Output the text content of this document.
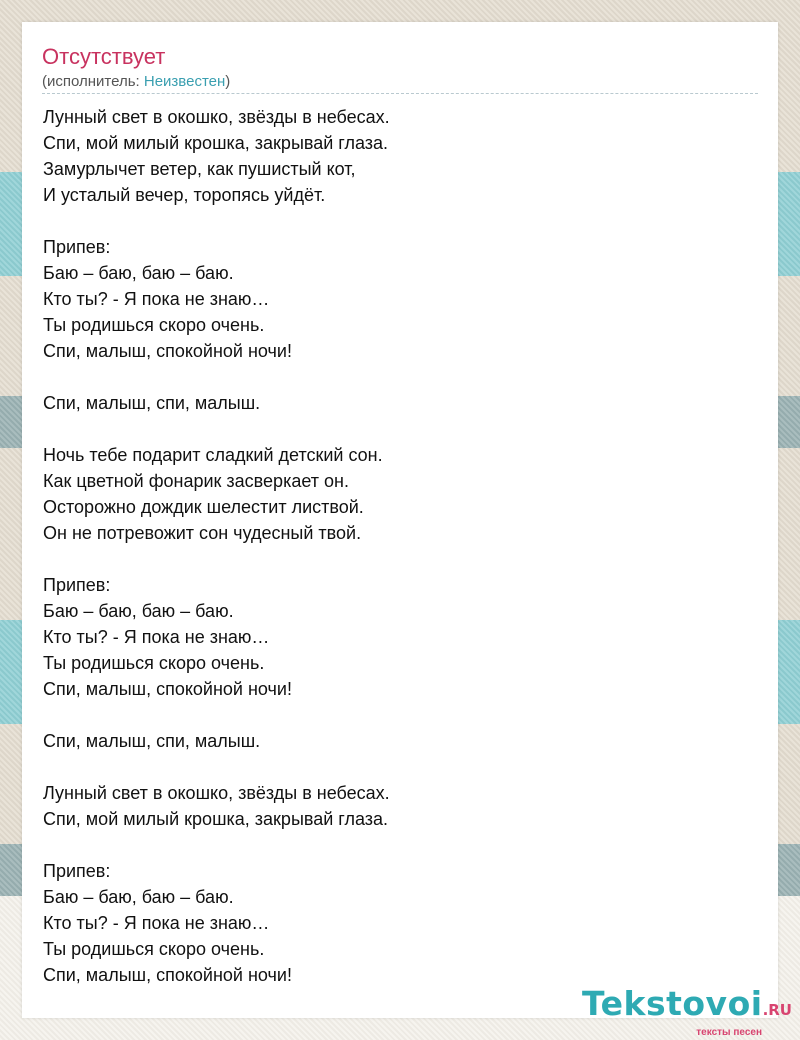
Отсутствует
(исполнитель: Неизвестен)
Лунный свет в окошко, звёзды в небесах.
Спи, мой милый крошка, закрывай глаза.
Замурлычет ветер, как пушистый кот,
И усталый вечер, торопясь уйдёт.
Припев:
Баю – баю, баю – баю.
Кто ты? - Я пока не знаю…
Ты родишься скоро очень.
Спи, малыш, спокойной ночи!
Спи, малыш, спи, малыш.
Ночь тебе подарит сладкий детский сон.
Как цветной фонарик засверкает он.
Осторожно дождик шелестит листвой.
Он не потревожит сон чудесный твой.
Припев:
Баю – баю, баю – баю.
Кто ты? - Я пока не знаю…
Ты родишься скоро очень.
Спи, малыш, спокойной ночи!
Спи, малыш, спи, малыш.
Лунный свет в окошко, звёзды в небесах.
Спи, мой милый крошка, закрывай глаза.
Припев:
Баю – баю, баю – баю.
Кто ты? - Я пока не знаю…
Ты родишься скоро очень.
Спи, малыш, спокойной ночи!
Tekstovoi.RU
тексты песен
